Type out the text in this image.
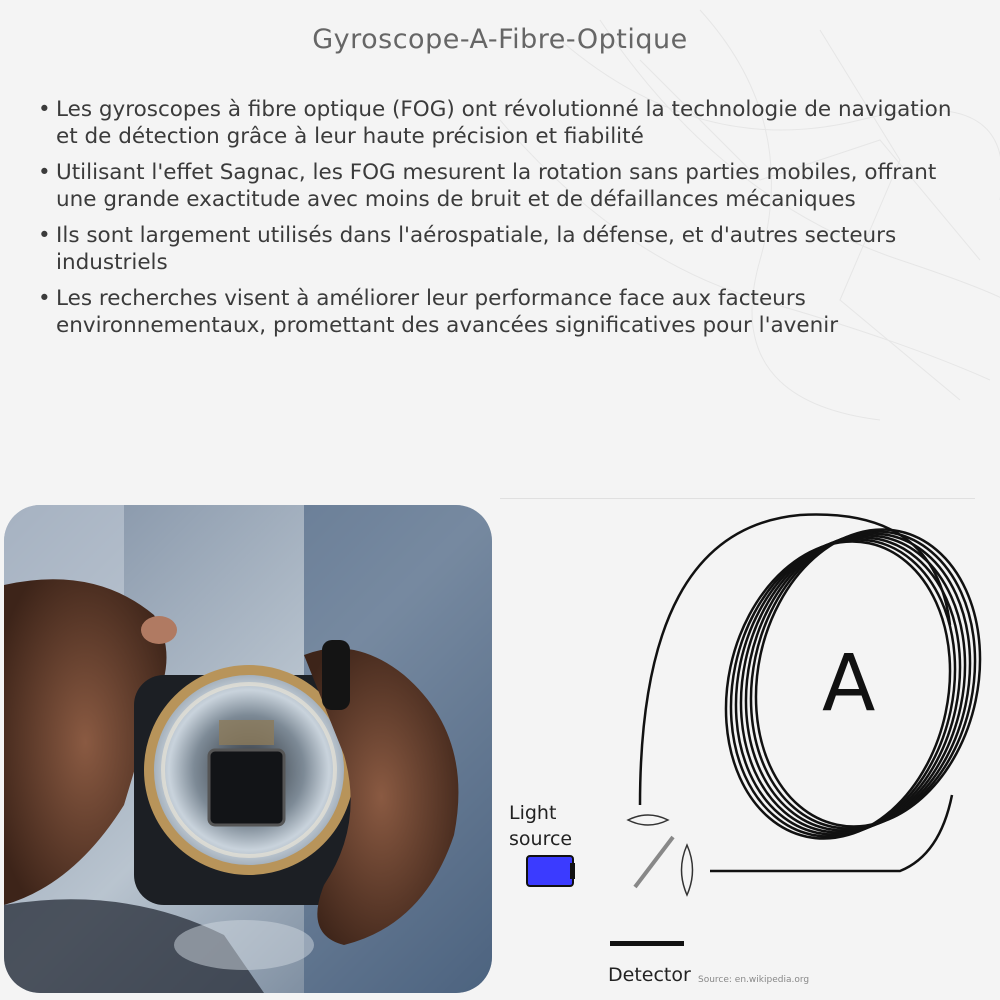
Gyroscope-A-Fibre-Optique
• Les gyroscopes à fibre optique (FOG) ont révolutionné la technologie de navigation et de détection grâce à leur haute précision et fiabilité
• Utilisant l'effet Sagnac, les FOG mesurent la rotation sans parties mobiles, offrant une grande exactitude avec moins de bruit et de défaillances mécaniques
• Ils sont largement utilisés dans l'aérospatiale, la défense, et d'autres secteurs industriels
• Les recherches visent à améliorer leur performance face aux facteurs environnementaux, promettant des avancées significatives pour l'avenir
A
Light
source
Detector Source: en.wikipedia.org
